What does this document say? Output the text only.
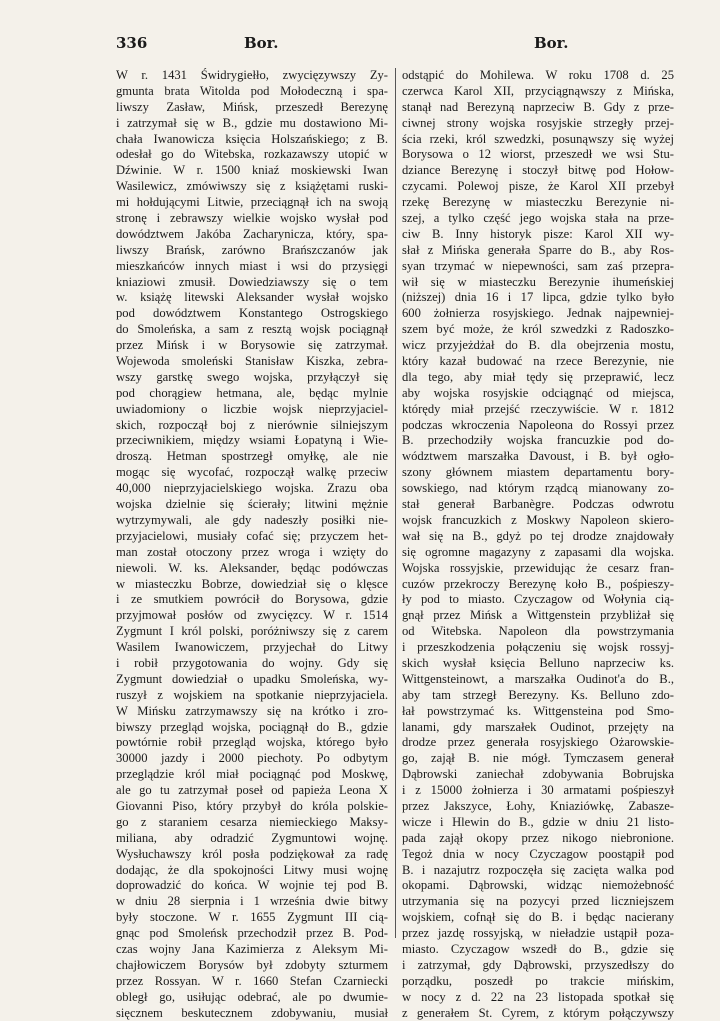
336	Bor.	Bor.
W r. 1431 Świdrygiełło, zwycięzywszy Zy-
gmunta brata Witolda pod Mołodeczną i spa-
liwszy Zasław, Mińsk, przeszedł Berezynę
i zatrzymał się w B., gdzie mu dostawiono Mi-
chała Iwanowicza księcia Holszańskiego; z B.
odesłał go do Witebska, rozkazawszy utopić w
Dźwinie. W r. 1500 kniaź moskiewski Iwan
Wasilewicz, zmówiwszy się z książętami ruski-
mi hołdującymi Litwie, przeciągnął ich na swoją
stronę i zebrawszy wielkie wojsko wysłał pod
dowództwem Jakóba Zacharynicza, który, spa-
liwszy Brańsk, zarówno Brańszczanów jak
mieszkańców innych miast i wsi do przysięgi
kniaziowi zmusił. Dowiedziawszy się o tem
w. książę litewski Aleksander wysłał wojsko
pod dowództwem Konstantego Ostrogskiego
do Smoleńska, a sam z resztą wojsk pociągnął
przez Mińsk i w Borysowie się zatrzymał.
Wojewoda smoleński Stanisław Kiszka, zebra-
wszy garstkę swego wojska, przyłączył się
pod chorągiew hetmana, ale, będąc mylnie
uwiadomiony o liczbie wojsk nieprzyjaciel-
skich, rozpoczął boj z nierównie silniejszym
przeciwnikiem, między wsiami Łopatyną i Wie-
droszą. Hetman spostrzegł omyłkę, ale nie
mogąc się wycofać, rozpoczął walkę przeciw
40,000 nieprzyjacielskiego wojska. Zrazu oba
wojska dzielnie się ścierały; litwini mężnie
wytrzymywali, ale gdy nadeszły posiłki nie-
przyjacielowi, musiały cofać się; przyczem het-
man został otoczony przez wroga i wzięty do
niewoli. W. ks. Aleksander, będąc podówczas
w miasteczku Bobrze, dowiedział się o klęsce
i ze smutkiem powrócił do Borysowa, gdzie
przyjmował posłów od zwycięzcy. W r. 1514
Zygmunt I król polski, poróżniwszy się z carem
Wasilem Iwanowiczem, przyjechał do Litwy
i robił przygotowania do wojny. Gdy się
Zygmunt dowiedział o upadku Smoleńska, wy-
ruszył z wojskiem na spotkanie nieprzyjaciela.
W Mińsku zatrzymawszy się na krótko i zro-
biwszy przegląd wojska, pociągnął do B., gdzie
powtórnie robił przegląd wojska, którego było
30000 jazdy i 2000 piechoty. Po odbytym
przeglądzie król miał pociągnąć pod Moskwę,
ale go tu zatrzymał poseł od papieża Leona X
Giovanni Piso, który przybył do króla polskie-
go z staraniem cesarza niemieckiego Maksy-
miliana, aby odradzić Zygmuntowi wojnę.
Wysłuchawszy król posła podziękował za radę
dodając, że dla spokojności Litwy musi wojnę
doprowadzić do końca. W wojnie tej pod B.
w dniu 28 sierpnia i 1 września dwie bitwy
były stoczone. W r. 1655 Zygmunt III cią-
gnąc pod Smoleńsk przechodził przez B. Pod-
czas wojny Jana Kazimierza z Aleksym Mi-
chajłowiczem Borysów był zdobyty szturmem
przez Rossyan. W r. 1660 Stefan Czarniecki
obległ go, usiłując odebrać, ale po dwumie-
sięcznem beskutecznem zdobywaniu, musiał
odstąpić do Mohilewa. W roku 1708 d. 25
czerwca Karol XII, przyciągnąwszy z Mińska,
stanął nad Berezyną naprzeciw B. Gdy z prze-
ciwnej strony wojska rosyjskie strzegły przej-
ścia rzeki, król szwedzki, posunąwszy się wyżej
Borysowa o 12 wiorst, przeszedł we wsi Stu-
dziance Berezynę i stoczył bitwę pod Hołow-
czycami. Polewoj pisze, że Karol XII przebył
rzekę Berezynę w miasteczku Berezynie ni-
szej, a tylko część jego wojska stała na prze-
ciw B. Inny historyk pisze: Karol XII wy-
słał z Mińska generała Sparre do B., aby Ros-
syan trzymać w niepewności, sam zaś przepra-
wił się w miasteczku Berezynie ihumeńskiej
(niższej) dnia 16 i 17 lipca, gdzie tylko było
600 żołnierza rosyjskiego. Jednak najpewniej-
szem być może, że król szwedzki z Radoszko-
wicz przyjeżdżał do B. dla obejrzenia mostu,
który kazał budować na rzece Berezynie, nie
dla tego, aby miał tędy się przeprawić, lecz
aby wojska rosyjskie odciągnąć od miejsca,
którędy miał przejść rzeczywiście. W r. 1812
podczas wkroczenia Napoleona do Rossyi przez
B. przechodziły wojska francuzkie pod do-
wództwem marszałka Davoust, i B. był ogło-
szony głównem miastem departamentu bory-
sowskiego, nad którym rządcą mianowany zo-
stał generał Barbanègre. Podczas odwrotu
wojsk francuzkich z Moskwy Napoleon skiero-
wał się na B., gdyż po tej drodze znajdowały
się ogromne magazyny z zapasami dla wojska.
Wojska rossyjskie, przewidując że cesarz fran-
cuzów przekroczy Berezynę koło B., pośpieszy-
ły pod to miasto. Czyczagow od Wołynia cią-
gnął przez Mińsk a Wittgenstein przybliżał się
od Witebska. Napoleon dla powstrzymania
i przeszkodzenia połączeniu się wojsk rossyj-
skich wysłał księcia Belluno naprzeciw ks.
Wittgensteinowt, a marszałka Oudinot'a do B.,
aby tam strzegł Berezyny. Ks. Belluno zdo-
łał powstrzymać ks. Wittgensteina pod Smo-
lanami, gdy marszałek Oudinot, przejęty na
drodze przez generała rosyjskiego Ożarowskie-
go, zajął B. nie mógł. Tymczasem generał
Dąbrowski zaniechał zdobywania Bobrujska
i z 15000 żołnierza i 30 armatami pośpieszył
przez Jakszyce, Łohy, Kniaziówkę, Zabasze-
wicze i Hlewin do B., gdzie w dniu 21 listo-
pada zajął okopy przez nikogo niebronione.
Tegoż dnia w nocy Czyczagow poostąpił pod
B. i nazajutrz rozpoczęła się zacięta walka pod
okopami. Dąbrowski, widząc niemożebność
utrzymania się na pozycyi przed liczniejszem
wojskiem, cofnął się do B. i będąc nacierany
przez jazdę rossyjską, w nieładzie ustąpił poza-
miasto. Czyczagow wszedł do B., gdzie się
i zatrzymał, gdy Dąbrowski, przyszedłszy do
porządku, poszedł po trakcie mińskim,
w nocy z d. 22 na 23 listopada spotkał się
z generałem St. Cyrem, z którym połączywszy
